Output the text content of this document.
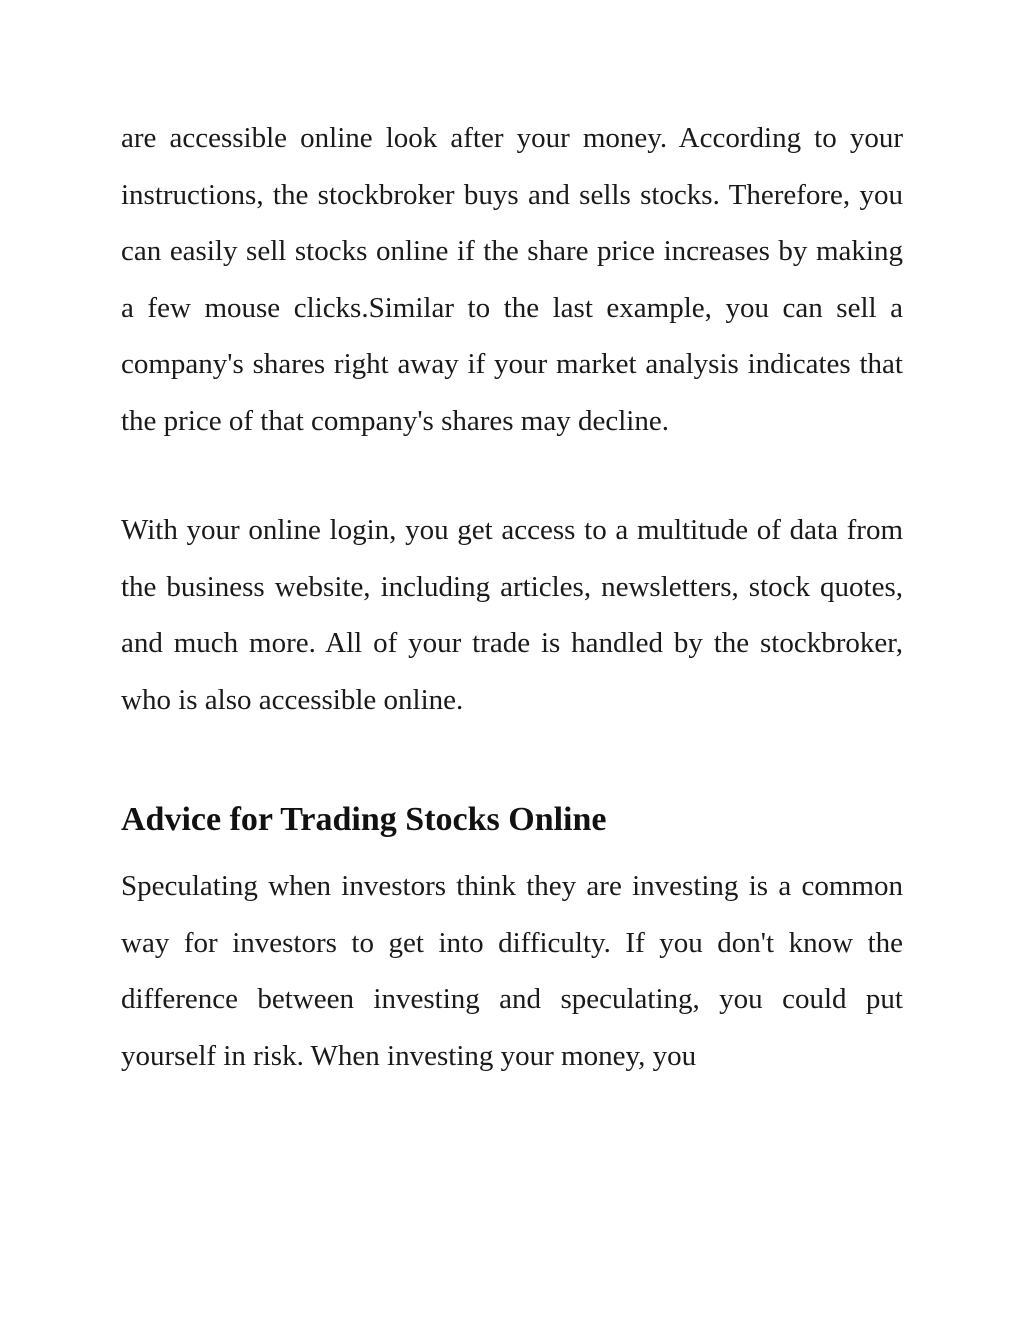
are accessible online look after your money. According to your instructions, the stockbroker buys and sells stocks. Therefore, you can easily sell stocks online if the share price increases by making a few mouse clicks.Similar to the last example, you can sell a company's shares right away if your market analysis indicates that the price of that company's shares may decline.

With your online login, you get access to a multitude of data from the business website, including articles, newsletters, stock quotes, and much more. All of your trade is handled by the stockbroker, who is also accessible online.

Advice for Trading Stocks Online

Speculating when investors think they are investing is a common way for investors to get into difficulty. If you don't know the difference between investing and speculating, you could put yourself in risk. When investing your money, you
